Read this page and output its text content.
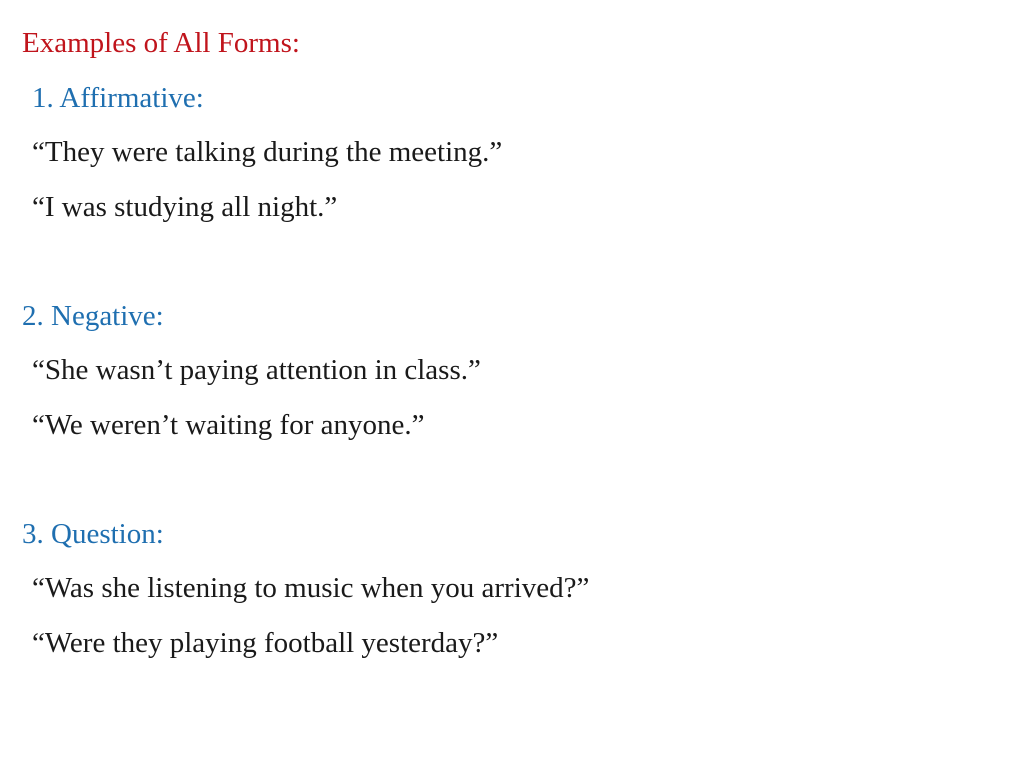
Examples of All Forms:
1. Affirmative:
“They were talking during the meeting.”
“I was studying all night.”
2. Negative:
“She wasn’t paying attention in class.”
“We weren’t waiting for anyone.”
3. Question:
“Was she listening to music when you arrived?”
“Were they playing football yesterday?”
